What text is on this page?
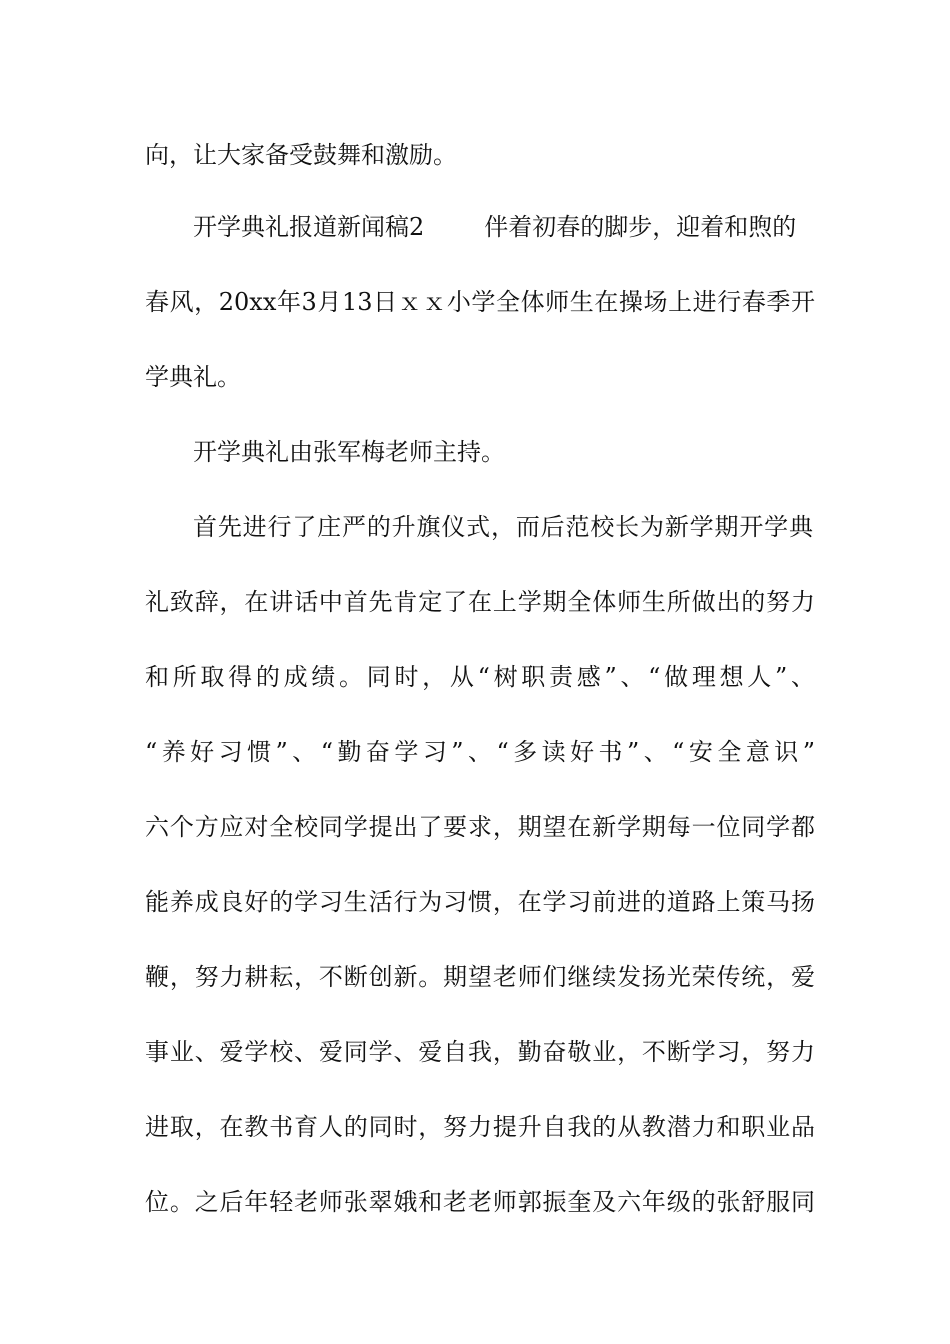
向，让大家备受鼓舞和激励。
开学典礼报道新闻稿2	伴着初春的脚步，迎着和煦的
春风，20xx年3月13日ｘｘ小学全体师生在操场上进行春季开
学典礼。
开学典礼由张军梅老师主持。
首先进行了庄严的升旗仪式，而后范校长为新学期开学典
礼致辞，在讲话中首先肯定了在上学期全体师生所做出的努力
和所取得的成绩。同时，从“树职责感”、“做理想人”、
“养好习惯”、“勤奋学习”、“多读好书”、“安全意识”
六个方应对全校同学提出了要求，期望在新学期每一位同学都
能养成良好的学习生活行为习惯，在学习前进的道路上策马扬
鞭，努力耕耘，不断创新。期望老师们继续发扬光荣传统，爱
事业、爱学校、爱同学、爱自我，勤奋敬业，不断学习，努力
进取，在教书育人的同时，努力提升自我的从教潜力和职业品
位。之后年轻老师张翠娥和老老师郭振奎及六年级的张舒服同
